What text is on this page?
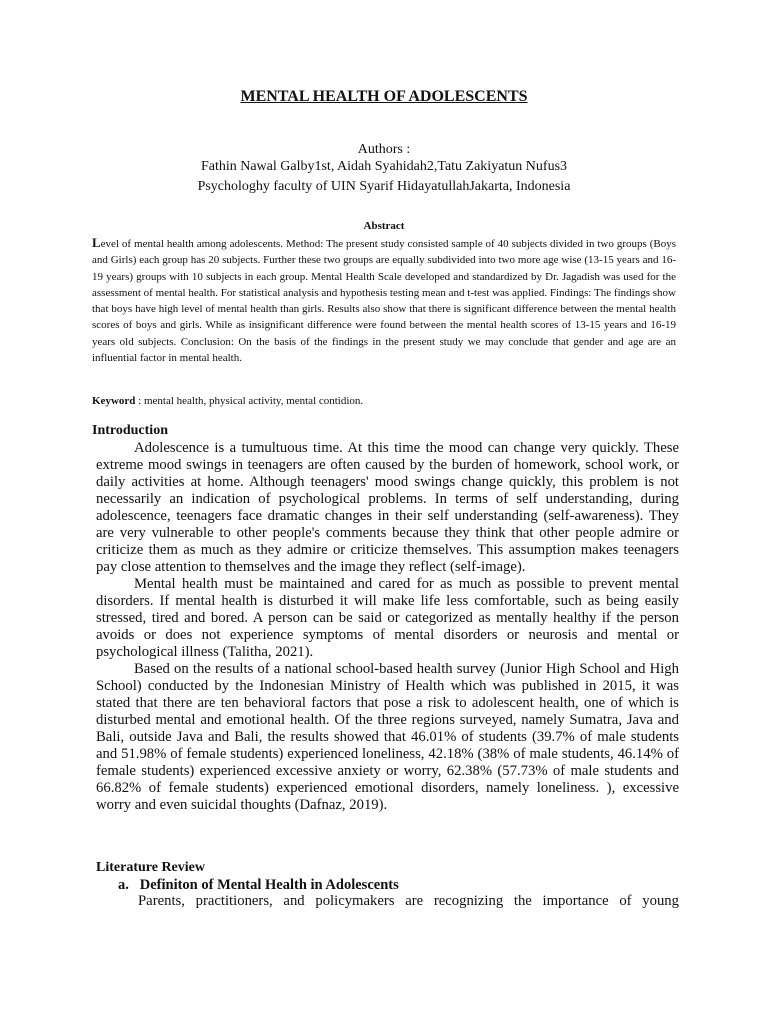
MENTAL HEALTH OF ADOLESCENTS
Authors :
Fathin Nawal Galby1st, Aidah Syahidah2,Tatu Zakiyatun Nufus3
Psychologhy faculty of UIN Syarif HidayatullahJakarta, Indonesia
Abstract
Level of mental health among adolescents. Method: The present study consisted sample of 40 subjects divided in two groups (Boys and Girls) each group has 20 subjects. Further these two groups are equally subdivided into two more age wise (13-15 years and 16-19 years) groups with 10 subjects in each group. Mental Health Scale developed and standardized by Dr. Jagadish was used for the assessment of mental health. For statistical analysis and hypothesis testing mean and t-test was applied. Findings: The findings show that boys have high level of mental health than girls. Results also show that there is significant difference between the mental health scores of boys and girls. While as insignificant difference were found between the mental health scores of 13-15 years and 16-19 years old subjects. Conclusion: On the basis of the findings in the present study we may conclude that gender and age are an influential factor in mental health.
Keyword : mental health, physical activity, mental contidion.
Introduction

Adolescence is a tumultuous time. At this time the mood can change very quickly. These extreme mood swings in teenagers are often caused by the burden of homework, school work, or daily activities at home. Although teenagers' mood swings change quickly, this problem is not necessarily an indication of psychological problems. In terms of self understanding, during adolescence, teenagers face dramatic changes in their self understanding (self-awareness). They are very vulnerable to other people's comments because they think that other people admire or criticize them as much as they admire or criticize themselves. This assumption makes teenagers pay close attention to themselves and the image they reflect (self-image).

Mental health must be maintained and cared for as much as possible to prevent mental disorders. If mental health is disturbed it will make life less comfortable, such as being easily stressed, tired and bored. A person can be said or categorized as mentally healthy if the person avoids or does not experience symptoms of mental disorders or neurosis and mental or psychological illness (Talitha, 2021).

Based on the results of a national school-based health survey (Junior High School and High School) conducted by the Indonesian Ministry of Health which was published in 2015, it was stated that there are ten behavioral factors that pose a risk to adolescent health, one of which is disturbed mental and emotional health. Of the three regions surveyed, namely Sumatra, Java and Bali, outside Java and Bali, the results showed that 46.01% of students (39.7% of male students and 51.98% of female students) experienced loneliness, 42.18% (38% of male students, 46.14% of female students) experienced excessive anxiety or worry, 62.38% (57.73% of male students and 66.82% of female students) experienced emotional disorders, namely loneliness. ), excessive worry and even suicidal thoughts (Dafnaz, 2019).

Literature Review
a. Definiton of Mental Health in Adolescents
Parents, practitioners, and policymakers are recognizing the importance of young
